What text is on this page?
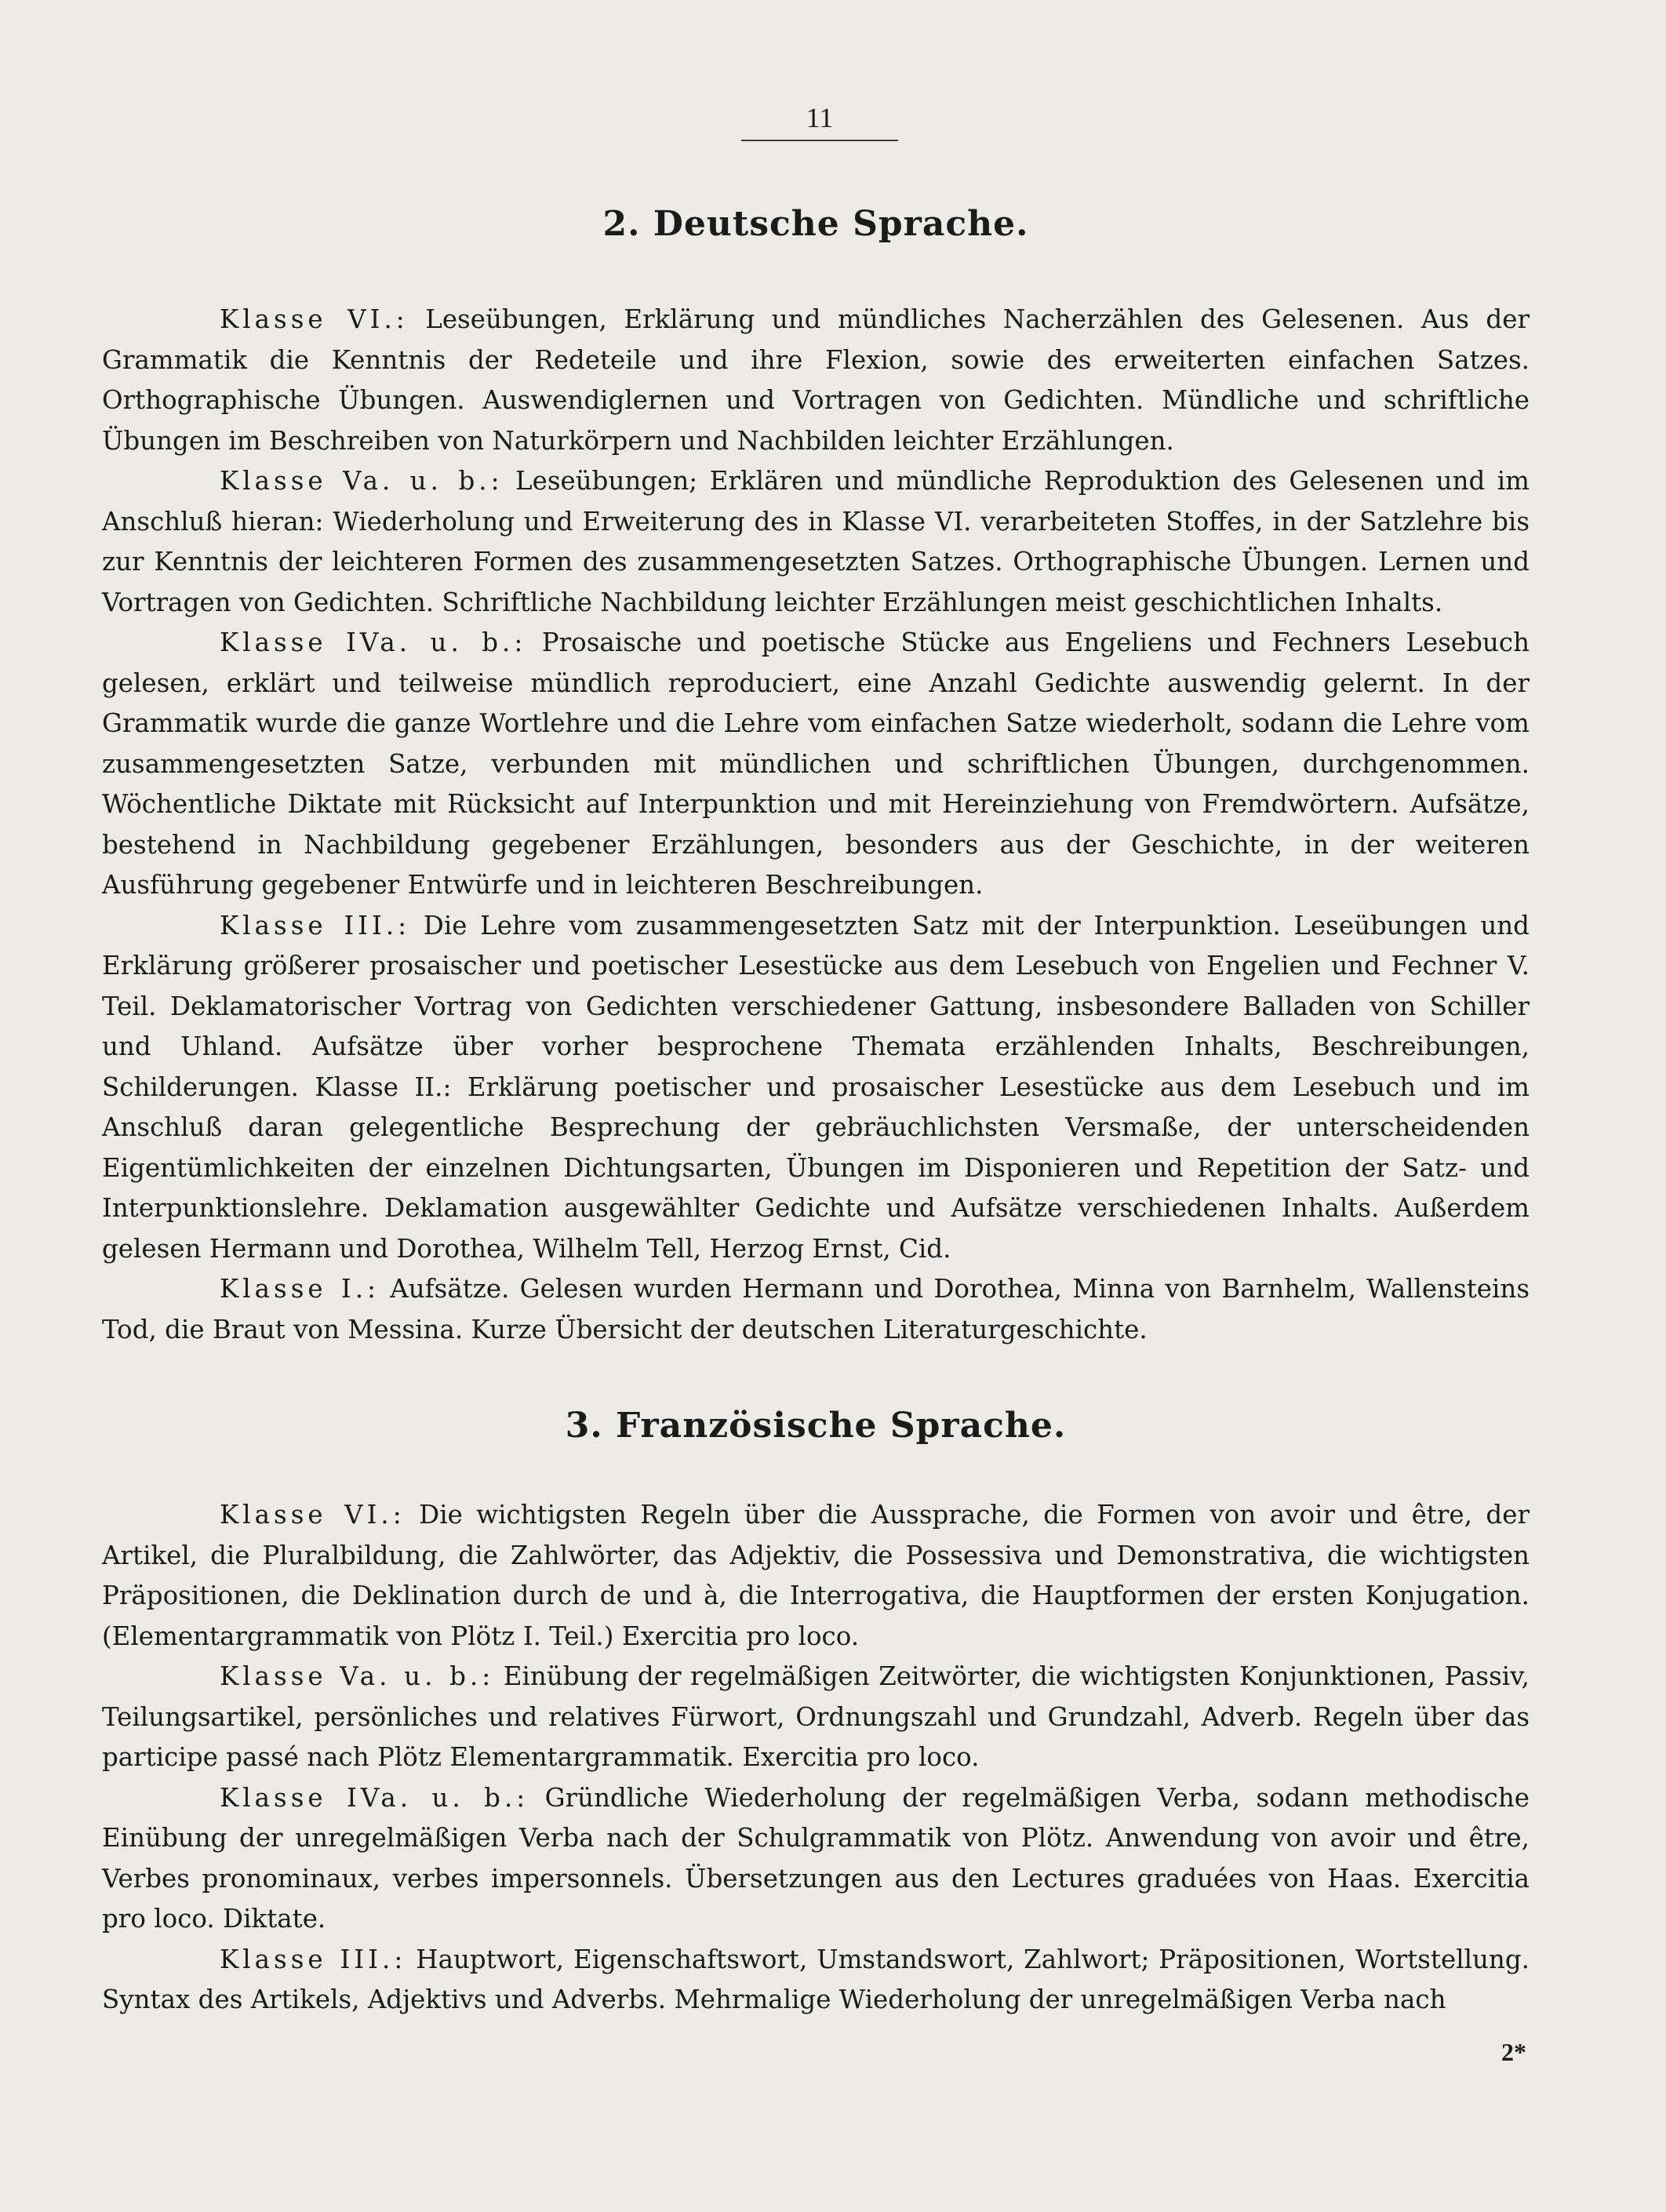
11
2. Deutsche Sprache.

Klasse VI.: Leseübungen, Erklärung und mündliches Nacherzählen des Gelesenen. Aus der Grammatik die Kenntnis der Redeteile und ihre Flexion, sowie des erweiterten einfachen Satzes. Orthographische Übungen. Auswendiglernen und Vortragen von Gedichten. Mündliche und schriftliche Übungen im Beschreiben von Naturkörpern und Nachbilden leichter Erzählungen.

Klasse Va. u. b.: Leseübungen; Erklären und mündliche Reproduktion des Gelesenen und im Anschluß hieran: Wiederholung und Erweiterung des in Klasse VI. verarbeiteten Stoffes, in der Satzlehre bis zur Kenntnis der leichteren Formen des zusammengesetzten Satzes. Orthographische Übungen. Lernen und Vortragen von Gedichten. Schriftliche Nachbildung leichter Erzählungen meist geschichtlichen Inhalts.

Klasse IVa. u. b.: Prosaische und poetische Stücke aus Engeliens und Fechners Lesebuch gelesen, erklärt und teilweise mündlich reproduciert, eine Anzahl Gedichte auswendig gelernt. In der Grammatik wurde die ganze Wortlehre und die Lehre vom einfachen Satze wiederholt, sodann die Lehre vom zusammengesetzten Satze, verbunden mit mündlichen und schriftlichen Übungen, durchgenommen. Wöchentliche Diktate mit Rücksicht auf Interpunktion und mit Hereinziehung von Fremdwörtern. Aufsätze, bestehend in Nachbildung gegebener Erzählungen, besonders aus der Geschichte, in der weiteren Ausführung gegebener Entwürfe und in leichteren Beschreibungen.

Klasse III.: Die Lehre vom zusammengesetzten Satz mit der Interpunktion. Leseübungen und Erklärung größerer prosaischer und poetischer Lesestücke aus dem Lesebuch von Engelien und Fechner V. Teil. Deklamatorischer Vortrag von Gedichten verschiedener Gattung, insbesondere Balladen von Schiller und Uhland. Aufsätze über vorher besprochene Themata erzählenden Inhalts, Beschreibungen, Schilderungen. Klasse II.: Erklärung poetischer und prosaischer Lesestücke aus dem Lesebuch und im Anschluß daran gelegentliche Besprechung der gebräuchlichsten Versmaße, der unterscheidenden Eigentümlichkeiten der einzelnen Dichtungsarten, Übungen im Disponieren und Repetition der Satz- und Interpunktionslehre. Deklamation ausgewählter Gedichte und Aufsätze verschiedenen Inhalts. Außerdem gelesen Hermann und Dorothea, Wilhelm Tell, Herzog Ernst, Cid.

Klasse I.: Aufsätze. Gelesen wurden Hermann und Dorothea, Minna von Barnhelm, Wallensteins Tod, die Braut von Messina. Kurze Übersicht der deutschen Literaturgeschichte.

3. Französische Sprache.

Klasse VI.: Die wichtigsten Regeln über die Aussprache, die Formen von avoir und être, der Artikel, die Pluralbildung, die Zahlwörter, das Adjektiv, die Possessiva und Demonstrativa, die wichtigsten Präpositionen, die Deklination durch de und à, die Interrogativa, die Hauptformen der ersten Konjugation. (Elementargrammatik von Plötz I. Teil.) Exercitia pro loco.

Klasse Va. u. b.: Einübung der regelmäßigen Zeitwörter, die wichtigsten Konjunktionen, Passiv, Teilungsartikel, persönliches und relatives Fürwort, Ordnungszahl und Grundzahl, Adverb. Regeln über das participe passé nach Plötz Elementargrammatik. Exercitia pro loco.

Klasse IVa. u. b.: Gründliche Wiederholung der regelmäßigen Verba, sodann methodische Einübung der unregelmäßigen Verba nach der Schulgrammatik von Plötz. Anwendung von avoir und être, Verbes pronominaux, verbes impersonnels. Übersetzungen aus den Lectures graduées von Haas. Exercitia pro loco. Diktate.

Klasse III.: Hauptwort, Eigenschaftswort, Umstandswort, Zahlwort; Präpositionen, Wortstellung. Syntax des Artikels, Adjektivs und Adverbs. Mehrmalige Wiederholung der unregelmäßigen Verba nach

2*
